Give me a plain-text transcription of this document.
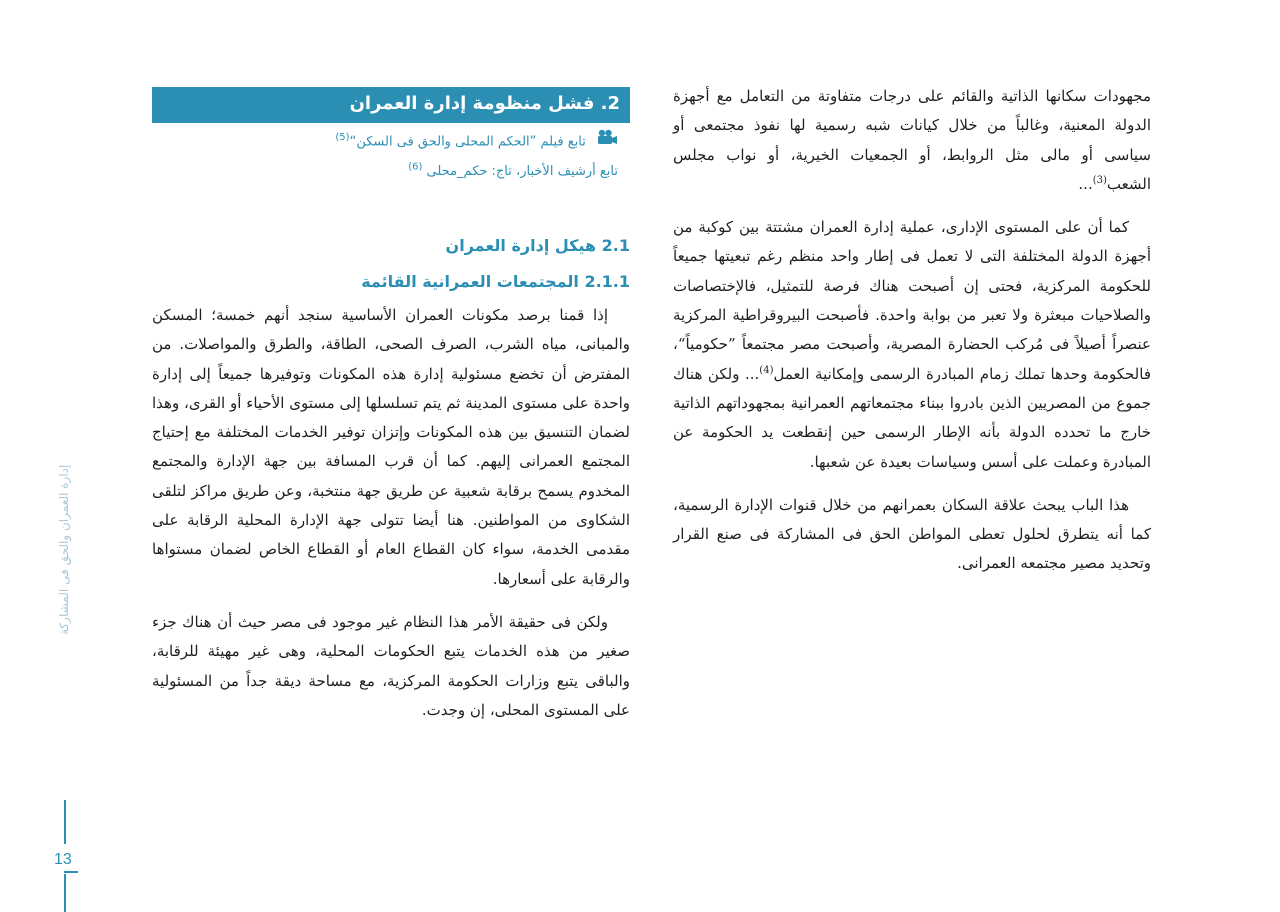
مجهودات سكانها الذاتية والقائم على درجات متفاوتة من التعامل مع أجهزة الدولة المعنية، وغالباً من خلال كيانات شبه رسمية لها نفوذ مجتمعى أو سياسى أو مالى مثل الروابط، أو الجمعيات الخيرية، أو نواب مجلس الشعب$^{(3)}$...

كما أن على المستوى الإدارى، عملية إدارة العمران مشتتة بين كوكبة من أجهزة الدولة المختلفة التى لا تعمل فى إطار واحد منظم رغم تبعيتها جميعاً للحكومة المركزية، فحتى إن أصبحت هناك فرصة للتمثيل، فالإختصاصات والصلاحيات مبعثرة ولا تعبر من بوابة واحدة. فأصبحت البيروقراطية المركزية عنصراً أصيلاً فى مُركب الحضارة المصرية، وأصبحت مصر مجتمعاً ”حكومياً“، فالحكومة وحدها تملك زمام المبادرة الرسمى وإمكانية العمل$^{(4)}$... ولكن هناك جموع من المصريين الذين بادروا ببناء مجتمعاتهم العمرانية بمجهوداتهم الذاتية خارج ما تحدده الدولة بأنه الإطار الرسمى حين إنقطعت يد الحكومة عن المبادرة وعملت على أسس وسياسات بعيدة عن شعبها.

هذا الباب يبحث علاقة السكان بعمرانهم من خلال قنوات الإدارة الرسمية، كما أنه يتطرق لحلول تعطى المواطن الحق فى المشاركة فى صنع القرار وتحديد مصير مجتمعه العمرانى.

2. فشل منظومة إدارة العمران
تابع فيلم ”الحكم المحلى والحق فى السكن“$^{(5)}$
تابع أرشيف الأخبار، تاج: حكم_محلى $^{(6)}$
2.1 هيكل إدارة العمران
2.1.1 المجتمعات العمرانية القائمة

إذا قمنا برصد مكونات العمران الأساسية سنجد أنهم خمسة؛ المسكن والمبانى، مياه الشرب، الصرف الصحى، الطاقة، والطرق والمواصلات. من المفترض أن تخضع مسئولية إدارة هذه المكونات وتوفيرها جميعاً إلى إدارة واحدة على مستوى المدينة ثم يتم تسلسلها إلى مستوى الأحياء أو القرى، وهذا لضمان التنسيق بين هذه المكونات وإتزان توفير الخدمات المختلفة مع إحتياج المجتمع العمرانى إليهم. كما أن قرب المسافة بين جهة الإدارة والمجتمع المخدوم يسمح برقابة شعبية عن طريق جهة منتخبة، وعن طريق مراكز لتلقى الشكاوى من المواطنين. هنا أيضا تتولى جهة الإدارة المحلية الرقابة على مقدمى الخدمة، سواء كان القطاع العام أو القطاع الخاص لضمان مستواها والرقابة على أسعارها.

ولكن فى حقيقة الأمر هذا النظام غير موجود فى مصر حيث أن هناك جزء صغير من هذه الخدمات يتبع الحكومات المحلية، وهى غير مهيئة للرقابة، والباقى يتبع وزارات الحكومة المركزية، مع مساحة ديقة جداً من المسئولية على المستوى المحلى، إن وجدت.

إدارة العمران والحق فى المشاركة
13
